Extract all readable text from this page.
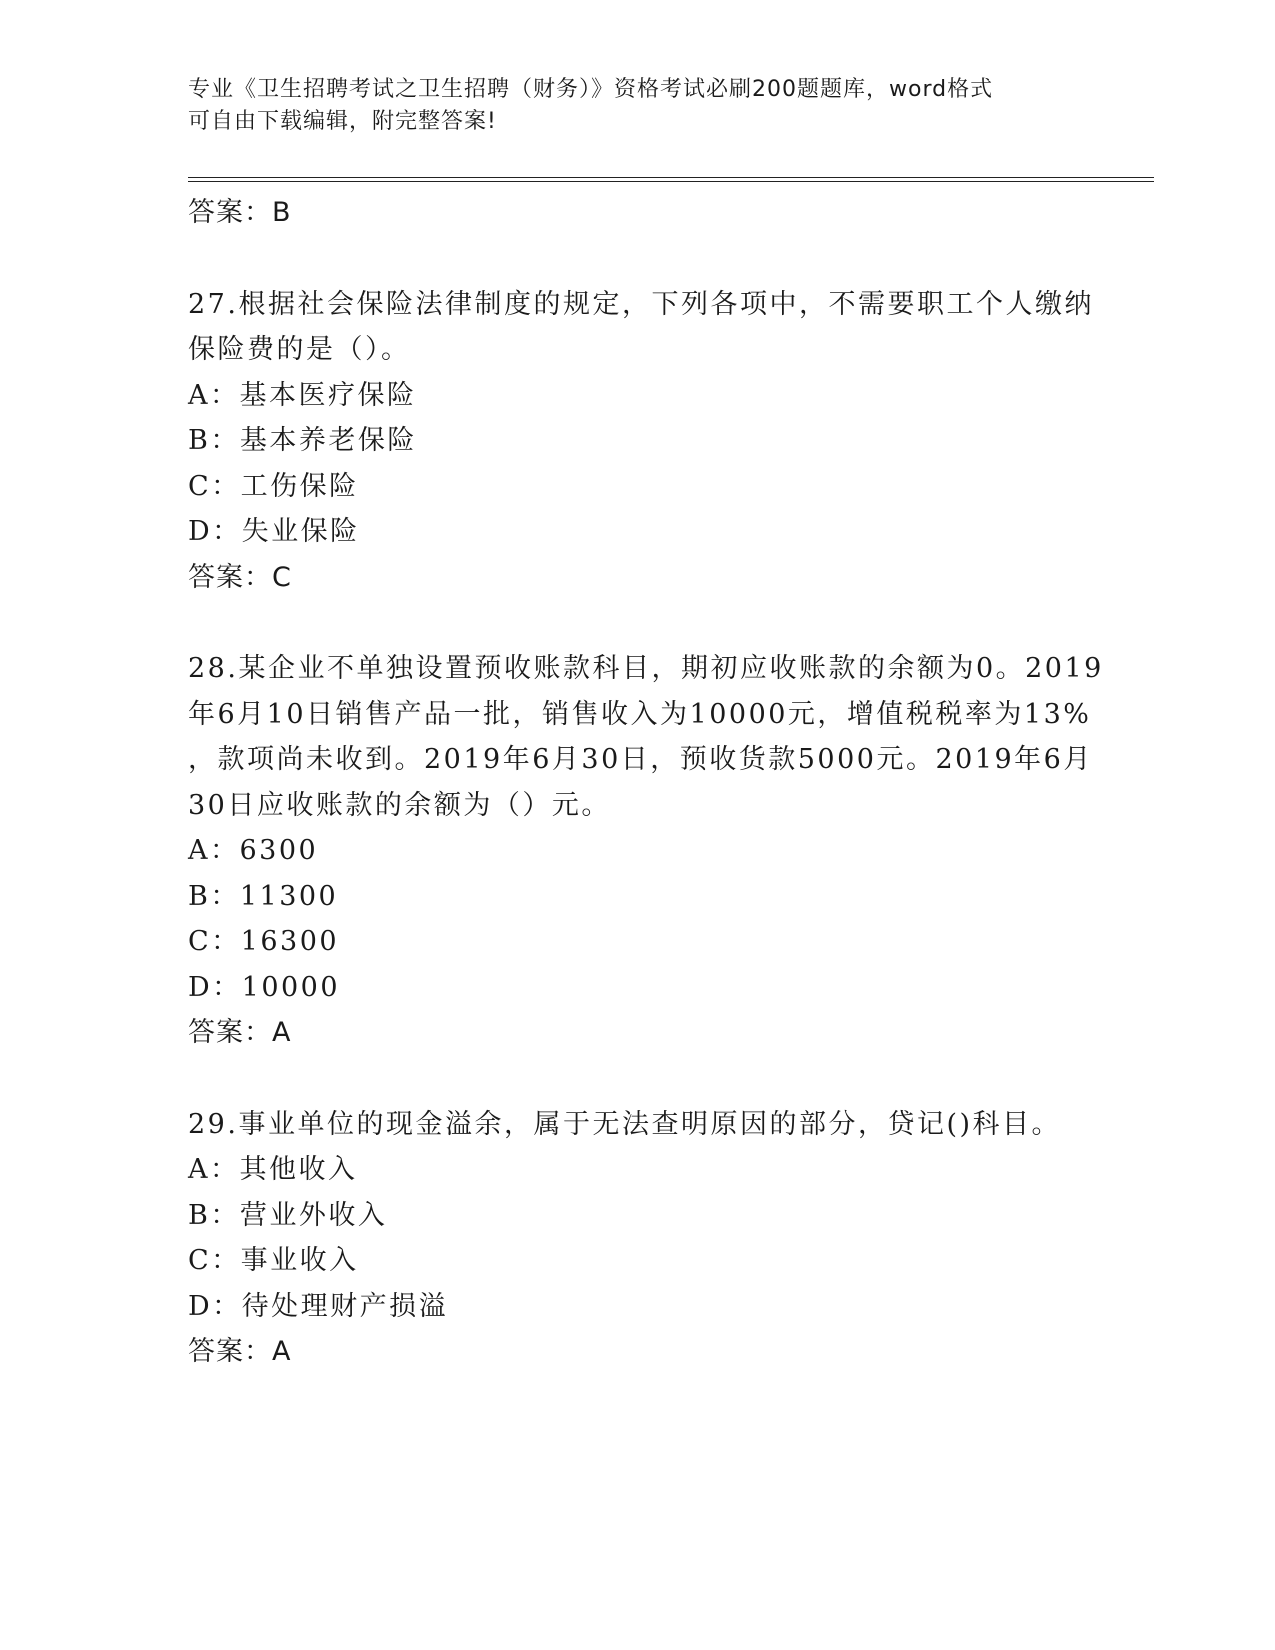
专业《卫生招聘考试之卫生招聘（财务）》资格考试必刷200题题库，word格式
可自由下载编辑，附完整答案!
答案：B
27.根据社会保险法律制度的规定，下列各项中，不需要职工个人缴纳
保险费的是（）。
A：基本医疗保险
B：基本养老保险
C：工伤保险
D：失业保险
答案：C
28.某企业不单独设置预收账款科目，期初应收账款的余额为0。2019
年6月10日销售产品一批，销售收入为10000元，增值税税率为13%
，款项尚未收到。2019年6月30日，预收货款5000元。2019年6月
30日应收账款的余额为（）元。
A：6300
B：11300
C：16300
D：10000
答案：A
29.事业单位的现金溢余，属于无法查明原因的部分，贷记()科目。
A：其他收入
B：营业外收入
C：事业收入
D：待处理财产损溢
答案：A
